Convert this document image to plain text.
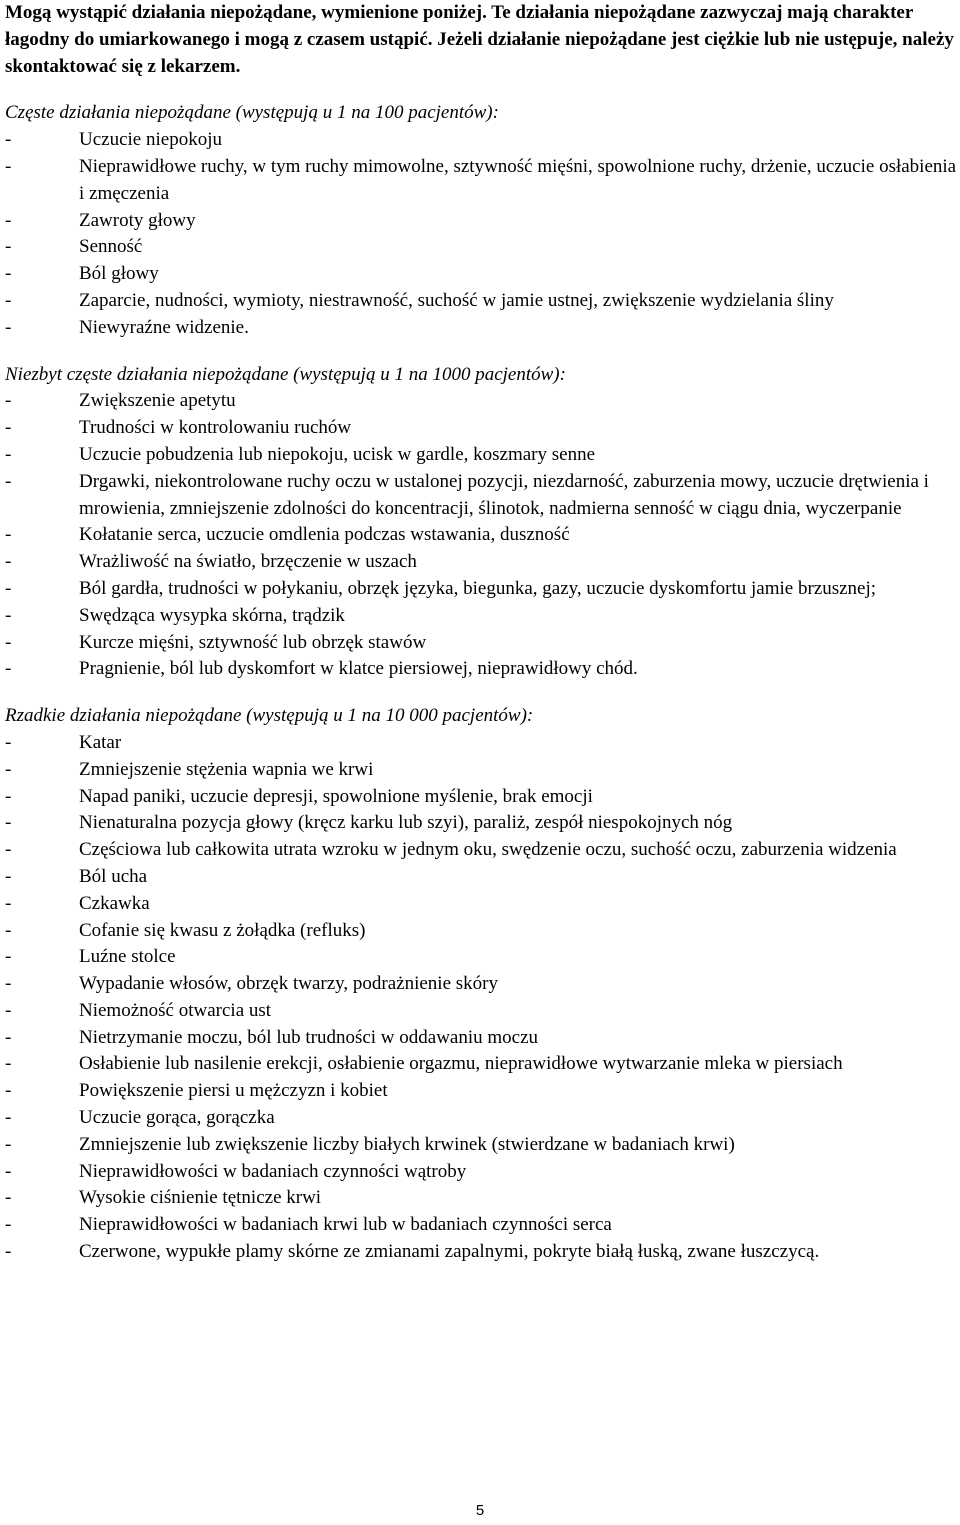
Mogą wystąpić działania niepożądane, wymienione poniżej. Te działania niepożądane zazwyczaj mają charakter łagodny do umiarkowanego i mogą z czasem ustąpić. Jeżeli działanie niepożądane jest ciężkie lub nie ustępuje, należy skontaktować się z lekarzem.

Częste działania niepożądane (występują u 1 na 100 pacjentów):

-	Uczucie niepokoju
-	Nieprawidłowe ruchy, w tym ruchy mimowolne, sztywność mięśni, spowolnione ruchy, drżenie, uczucie osłabienia i zmęczenia
-	Zawroty głowy
-	Senność
-	Ból głowy
-	Zaparcie, nudności, wymioty, niestrawność, suchość w jamie ustnej, zwiększenie wydzielania śliny
-	Niewyraźne widzenie.

Niezbyt częste działania niepożądane (występują u 1 na 1000 pacjentów):

-	Zwiększenie apetytu
-	Trudności w kontrolowaniu ruchów
-	Uczucie pobudzenia lub niepokoju, ucisk w gardle, koszmary senne
-	Drgawki, niekontrolowane ruchy oczu w ustalonej pozycji, niezdarność, zaburzenia mowy, uczucie drętwienia i mrowienia, zmniejszenie zdolności do koncentracji, ślinotok, nadmierna senność w ciągu dnia, wyczerpanie
-	Kołatanie serca, uczucie omdlenia podczas wstawania, duszność
-	Wrażliwość na światło, brzęczenie w uszach
-	Ból gardła, trudności w połykaniu, obrzęk języka, biegunka, gazy, uczucie dyskomfortu jamie brzusznej;
-	Swędząca wysypka skórna, trądzik
-	Kurcze mięśni, sztywność lub obrzęk stawów
-	Pragnienie, ból lub dyskomfort w klatce piersiowej, nieprawidłowy chód.

Rzadkie działania niepożądane (występują u 1 na 10 000 pacjentów):

-	Katar
-	Zmniejszenie stężenia wapnia we krwi
-	Napad paniki, uczucie depresji, spowolnione myślenie, brak emocji
-	Nienaturalna pozycja głowy (kręcz karku lub szyi), paraliż, zespół niespokojnych nóg
-	Częściowa lub całkowita utrata wzroku w jednym oku, swędzenie oczu, suchość oczu, zaburzenia widzenia
-	Ból ucha
-	Czkawka
-	Cofanie się kwasu z żołądka (refluks)
-	Luźne stolce
-	Wypadanie włosów, obrzęk twarzy, podrażnienie skóry
-	Niemożność otwarcia ust
-	Nietrzymanie moczu, ból lub trudności w oddawaniu moczu
-	Osłabienie lub nasilenie erekcji, osłabienie orgazmu, nieprawidłowe wytwarzanie mleka w piersiach
-	Powiększenie piersi u mężczyzn i kobiet
-	Uczucie gorąca, gorączka
-	Zmniejszenie lub zwiększenie liczby białych krwinek (stwierdzane w badaniach krwi)
-	Nieprawidłowości w badaniach czynności wątroby
-	Wysokie ciśnienie tętnicze krwi
-	Nieprawidłowości w badaniach krwi lub w badaniach czynności serca
-	Czerwone, wypukłe plamy skórne ze zmianami zapalnymi, pokryte białą łuską, zwane łuszczycą.
5
